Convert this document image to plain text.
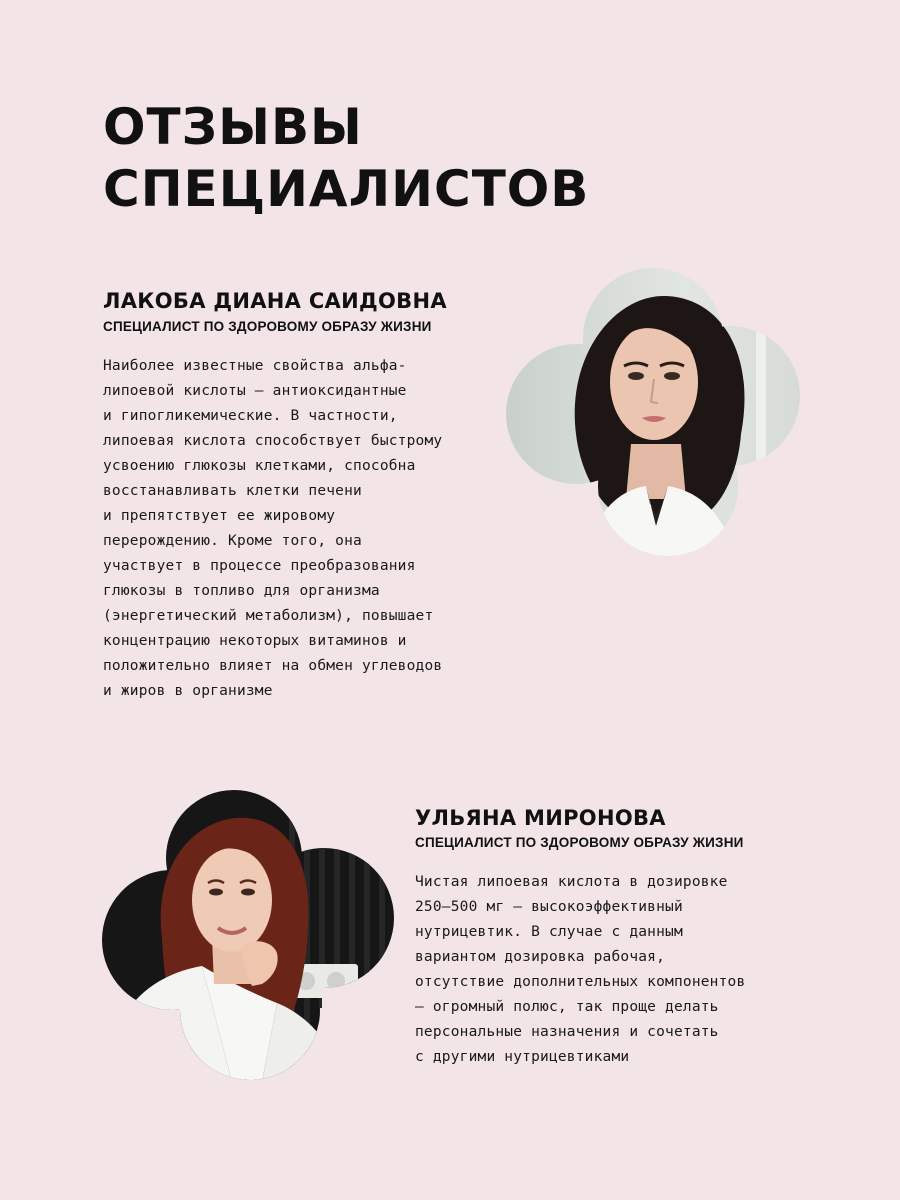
ОТЗЫВЫ
СПЕЦИАЛИСТОВ
ЛАКОБА ДИАНА САИДОВНА

СПЕЦИАЛИСТ ПО ЗДОРОВОМУ ОБРАЗУ ЖИЗНИ

Наиболее известные свойства альфа-
липоевой кислоты — антиоксидантные
и гипогликемические. В частности,
липоевая кислота способствует быстрому
усвоению глюкозы клетками, способна
восстанавливать клетки печени
и препятствует ее жировому
перерождению. Кроме того, она
участвует в процессе преобразования
глюкозы в топливо для организма
(энергетический метаболизм), повышает
концентрацию некоторых витаминов и
положительно влияет на обмен углеводов
и жиров в организме

УЛЬЯНА МИРОНОВА

СПЕЦИАЛИСТ ПО ЗДОРОВОМУ ОБРАЗУ ЖИЗНИ

Чистая липоевая кислота в дозировке
250–500 мг — высокоэффективный
нутрицевтик. В случае с данным
вариантом дозировка рабочая,
отсутствие дополнительных компонентов
— огромный полюс, так проще делать
персональные назначения и сочетать
с другими нутрицевтиками
